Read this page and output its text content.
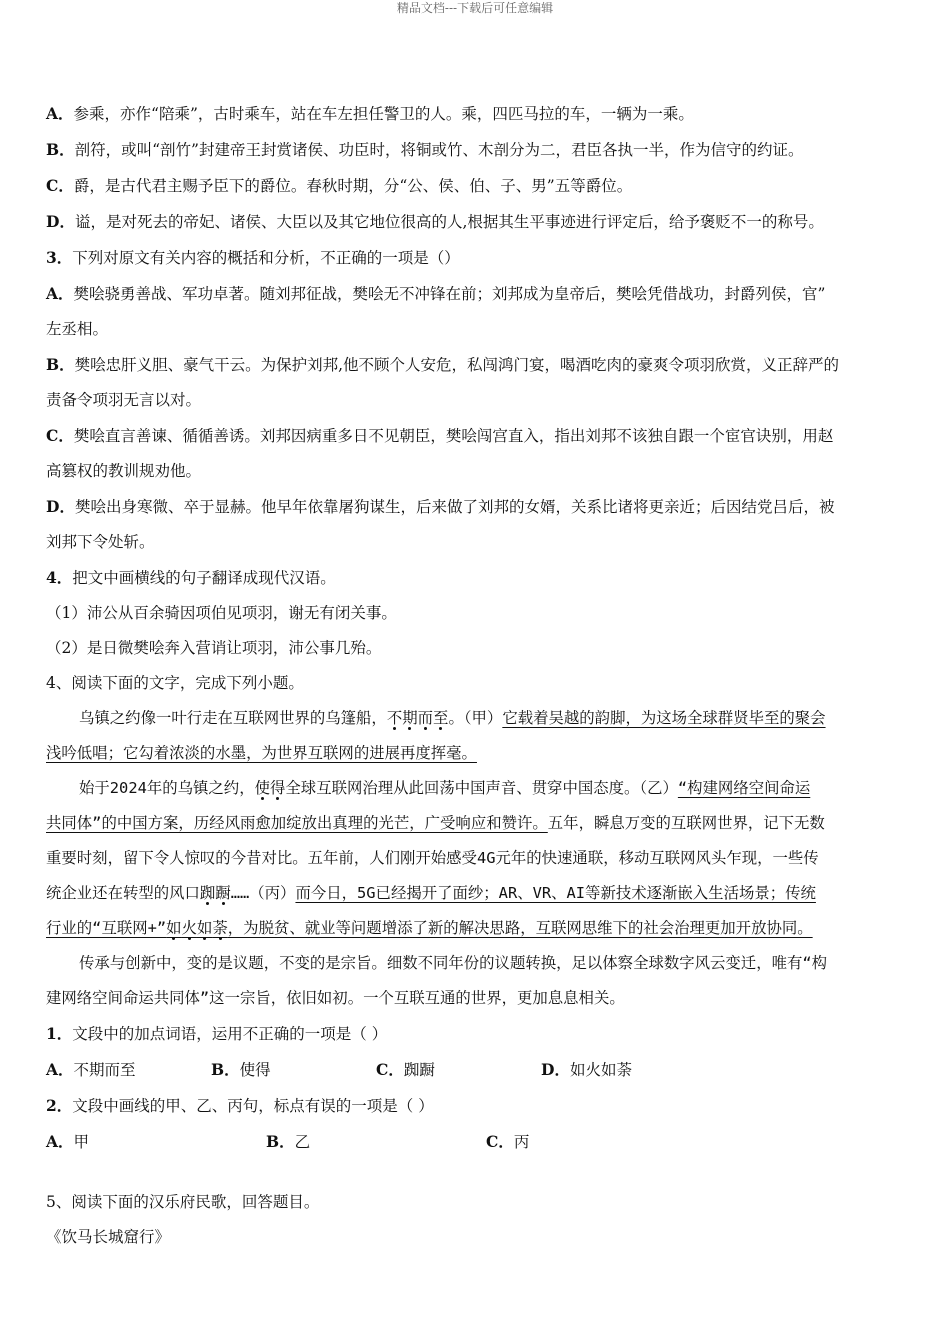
精品文档---下载后可任意编辑
A．参乘，亦作“陪乘”，古时乘车，站在车左担任警卫的人。乘，四匹马拉的车，一辆为一乘。
B．剖符，或叫“剖竹”封建帝王封赏诸侯、功臣时，将铜或竹、木剖分为二，君臣各执一半，作为信守的约证。
C．爵，是古代君主赐予臣下的爵位。春秋时期，分“公、侯、伯、子、男”五等爵位。
D．谥，是对死去的帝妃、诸侯、大臣以及其它地位很高的人,根据其生平事迹进行评定后，给予褒贬不一的称号。
3．下列对原文有关内容的概括和分析，不正确的一项是（）
A．樊哙骁勇善战、军功卓著。随刘邦征战，樊哙无不冲锋在前；刘邦成为皇帝后，樊哙凭借战功，封爵列侯，官”
左丞相。
B．樊哙忠肝义胆、豪气干云。为保护刘邦,他不顾个人安危，私闯鸿门宴，喝酒吃肉的豪爽令项羽欣赏，义正辞严的
责备令项羽无言以对。
C．樊哙直言善谏、循循善诱。刘邦因病重多日不见朝臣，樊哙闯宫直入，指出刘邦不该独自跟一个宦官诀别，用赵
高篡权的教训规劝他。
D．樊哙出身寒微、卒于显赫。他早年依靠屠狗谋生，后来做了刘邦的女婿，关系比诸将更亲近；后因结党吕后，被
刘邦下令处斩。
4．把文中画横线的句子翻译成现代汉语。
（1）沛公从百余骑因项伯见项羽，谢无有闭关事。
（2）是日微樊哙奔入营诮让项羽，沛公事几殆。
4、阅读下面的文字，完成下列小题。
乌镇之约像一叶行走在互联网世界的乌篷船，不期而至。（甲）它载着吴越的韵脚，为这场全球群贤毕至的聚会
浅吟低唱；它勾着浓淡的水墨，为世界互联网的进展再度挥毫。
始于2024年的乌镇之约，使得全球互联网治理从此回荡中国声音、贯穿中国态度。（乙）“构建网络空间命运
共同体”的中国方案，历经风雨愈加绽放出真理的光芒，广受响应和赞许。五年，瞬息万变的互联网世界，记下无数
重要时刻，留下令人惊叹的今昔对比。五年前，人们刚开始感受4G元年的快速通联，移动互联网风头乍现，一些传
统企业还在转型的风口踟蹰……（丙）而今日，5G已经揭开了面纱；AR、VR、AI等新技术逐渐嵌入生活场景；传统
行业的“互联网+”如火如荼，为脱贫、就业等问题增添了新的解决思路，互联网思维下的社会治理更加开放协同。
传承与创新中，变的是议题，不变的是宗旨。细数不同年份的议题转换，足以体察全球数字风云变迁，唯有“构
建网络空间命运共同体”这一宗旨，依旧如初。一个互联互通的世界，更加息息相关。
1．文段中的加点词语，运用不正确的一项是（ ）
A．不期而至	B．使得	C．踟蹰	D．如火如荼
2．文段中画线的甲、乙、丙句，标点有误的一项是（ ）
A．甲	B．乙	C．丙
5、阅读下面的汉乐府民歌，回答题目。
《饮马长城窟行》
